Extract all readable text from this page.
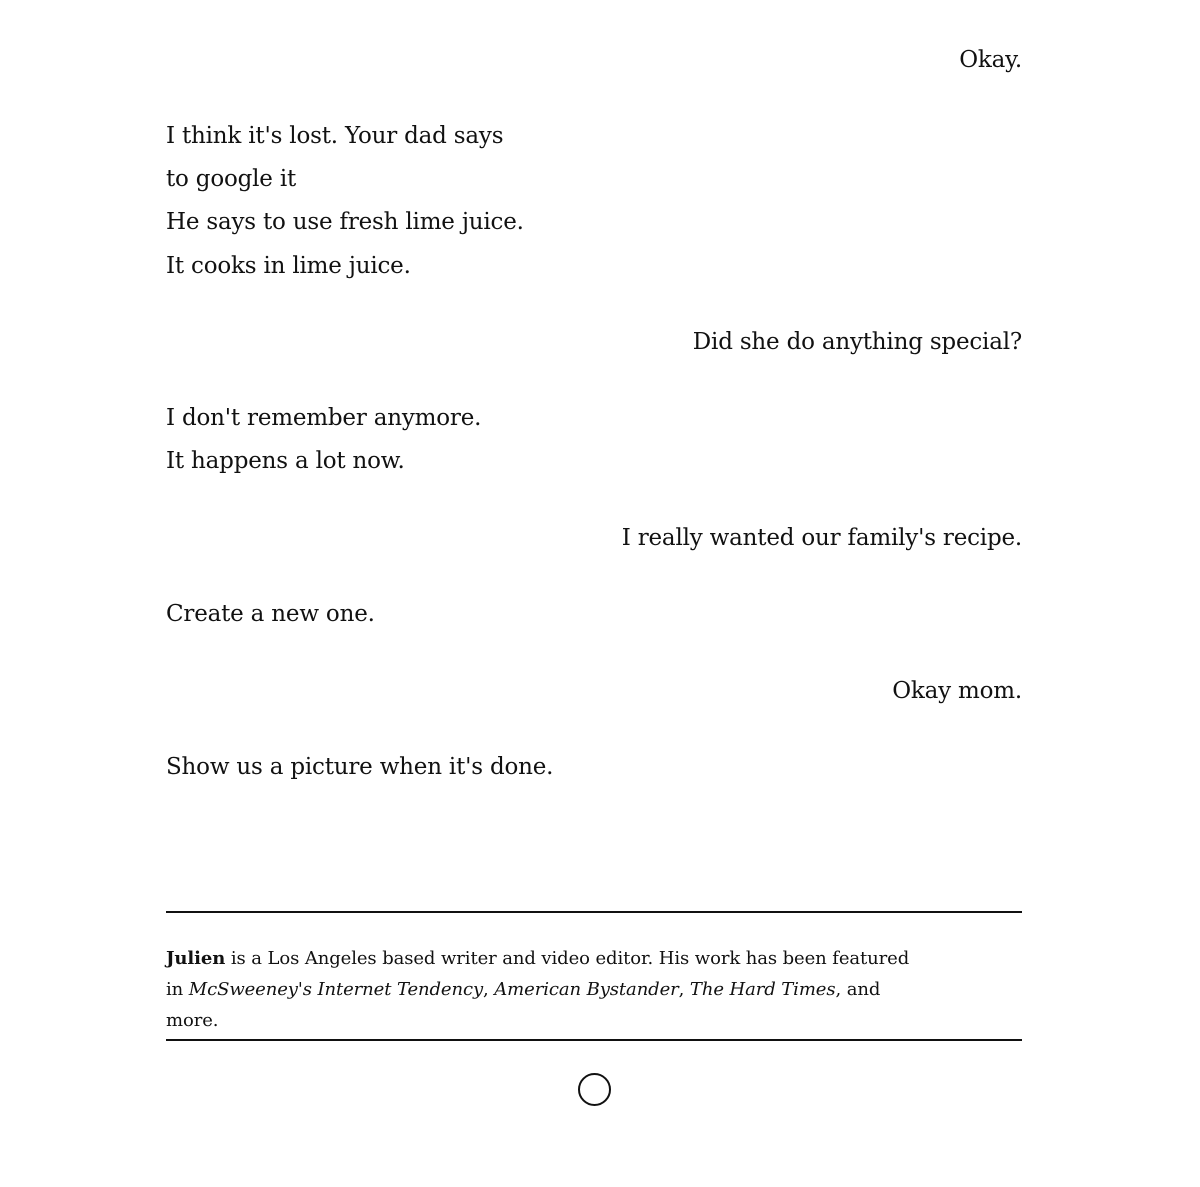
Okay.
I think it's lost. Your dad says
to google it
He says to use fresh lime juice.
It cooks in lime juice.
Did she do anything special?
I don't remember anymore.
It happens a lot now.
I really wanted our family's recipe.
Create a new one.
Okay mom.
Show us a picture when it's done.
Julien is a Los Angeles based writer and video editor. His work has been featured
in McSweeney's Internet Tendency, American Bystander, The Hard Times, and more.
